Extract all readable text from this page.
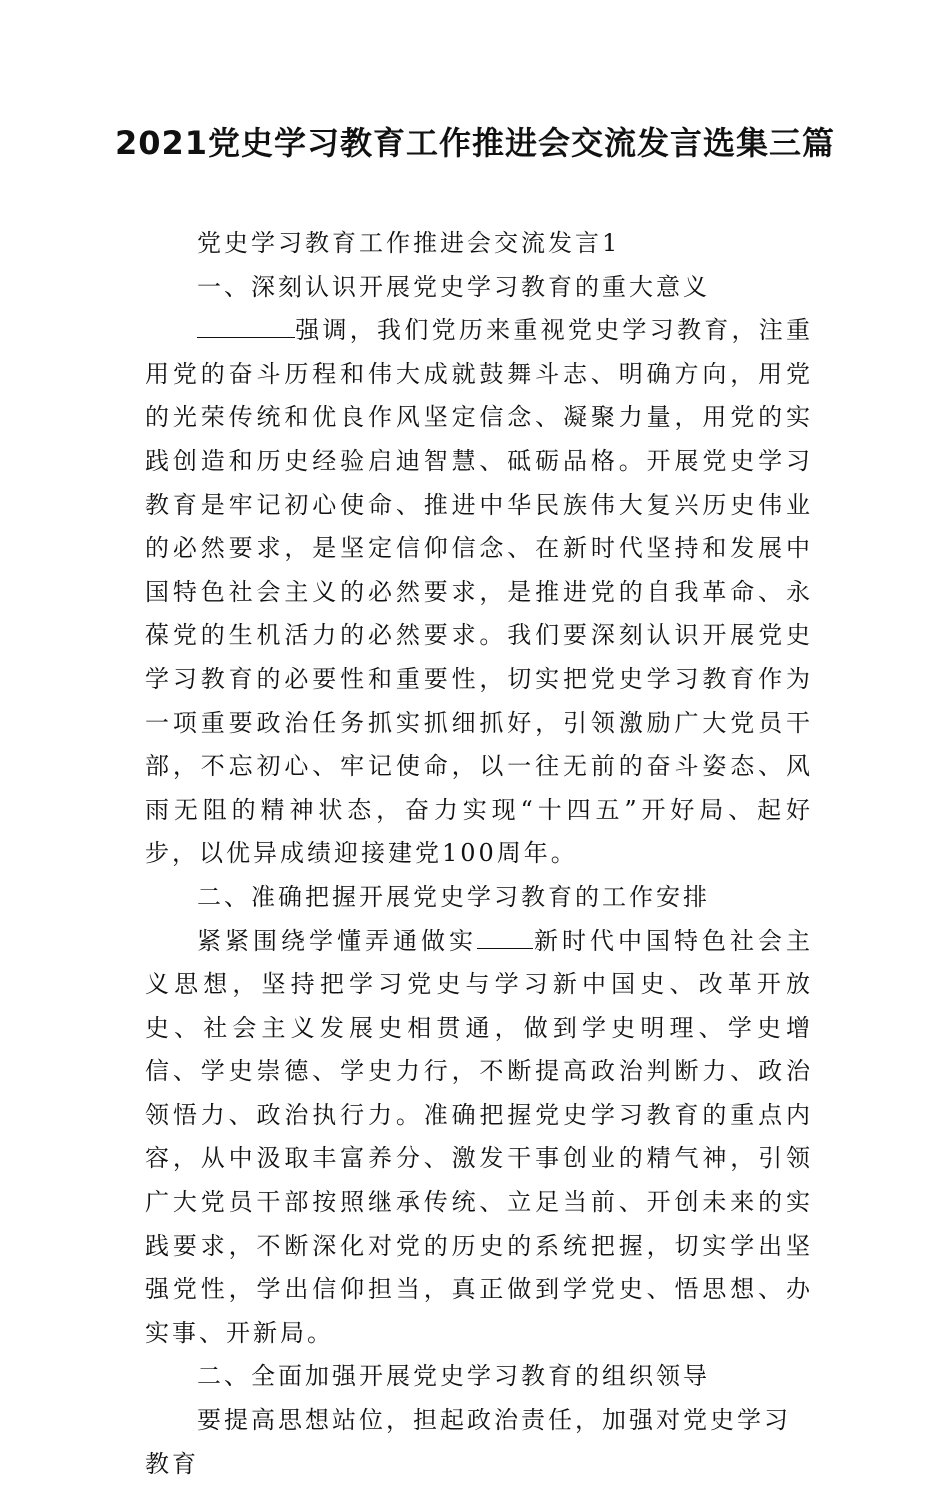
2021党史学习教育工作推进会交流发言选集三篇

党史学习教育工作推进会交流发言1

一、深刻认识开展党史学习教育的重大意义

强调，我们党历来重视党史学习教育，注重用党的奋斗历程和伟大成就鼓舞斗志、明确方向，用党的光荣传统和优良作风坚定信念、凝聚力量，用党的实践创造和历史经验启迪智慧、砥砺品格。开展党史学习教育是牢记初心使命、推进中华民族伟大复兴历史伟业的必然要求，是坚定信仰信念、在新时代坚持和发展中国特色社会主义的必然要求，是推进党的自我革命、永葆党的生机活力的必然要求。我们要深刻认识开展党史学习教育的必要性和重要性，切实把党史学习教育作为一项重要政治任务抓实抓细抓好，引领激励广大党员干部，不忘初心、牢记使命，以一往无前的奋斗姿态、风雨无阻的精神状态，奋力实现“十四五”开好局、起好步，以优异成绩迎接建党100周年。

二、准确把握开展党史学习教育的工作安排

紧紧围绕学懂弄通做实 新时代中国特色社会主义思想，坚持把学习党史与学习新中国史、改革开放史、社会主义发展史相贯通，做到学史明理、学史增信、学史崇德、学史力行，不断提高政治判断力、政治领悟力、政治执行力。准确把握党史学习教育的重点内容，从中汲取丰富养分、激发干事创业的精气神，引领广大党员干部按照继承传统、立足当前、开创未来的实践要求，不断深化对党的历史的系统把握，切实学出坚强党性，学出信仰担当，真正做到学党史、悟思想、办实事、开新局。

二、全面加强开展党史学习教育的组织领导

要提高思想站位，担起政治责任，加强对党史学习教育
